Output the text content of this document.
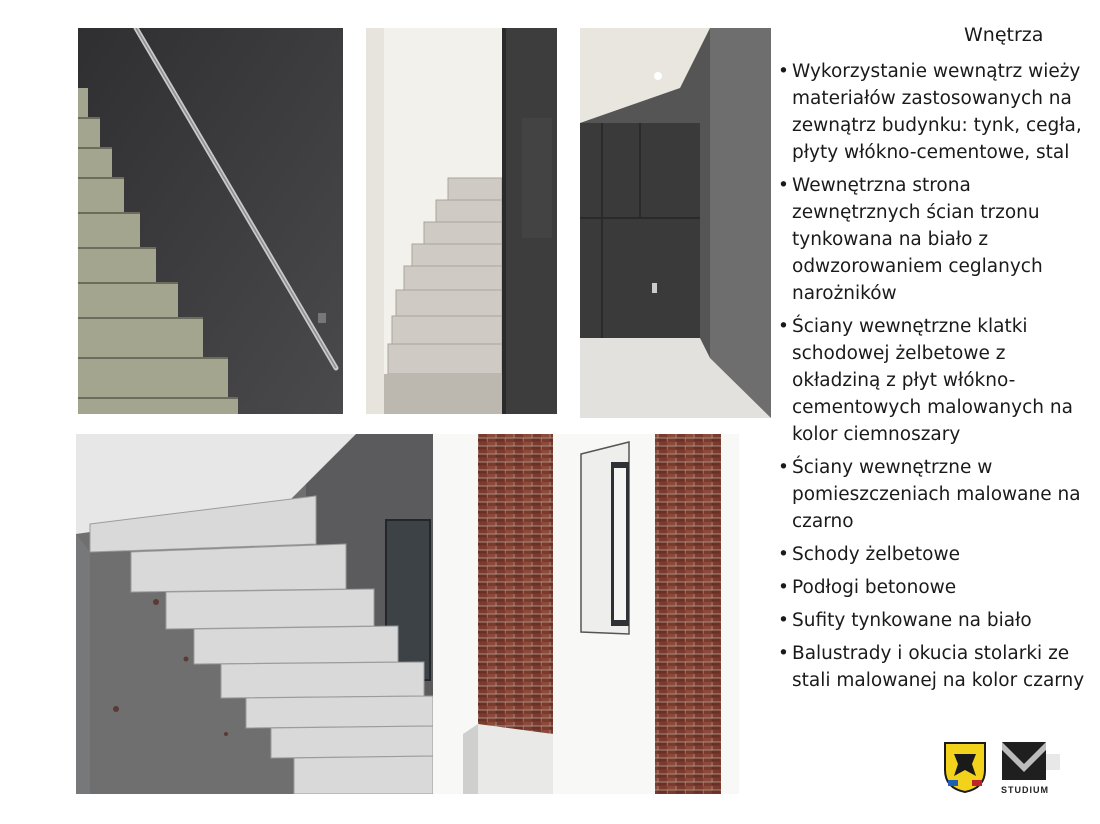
Wnętrza
• Wykorzystanie wewnątrz wieży materiałów zastosowanych na zewnątrz budynku: tynk, cegła, płyty włókno-cementowe, stal
• Wewnętrzna strona zewnętrznych ścian trzonu tynkowana na biało z odwzorowaniem ceglanych narożników
• Ściany wewnętrzne klatki schodowej żelbetowe z okładziną z płyt włókno-cementowych malowanych na kolor ciemnoszary
• Ściany wewnętrzne w pomieszczeniach malowane na czarno
• Schody żelbetowe
• Podłogi betonowe
• Sufity tynkowane na biało
• Balustrady i okucia stolarki ze stali malowanej na kolor czarny
STUDIUM
